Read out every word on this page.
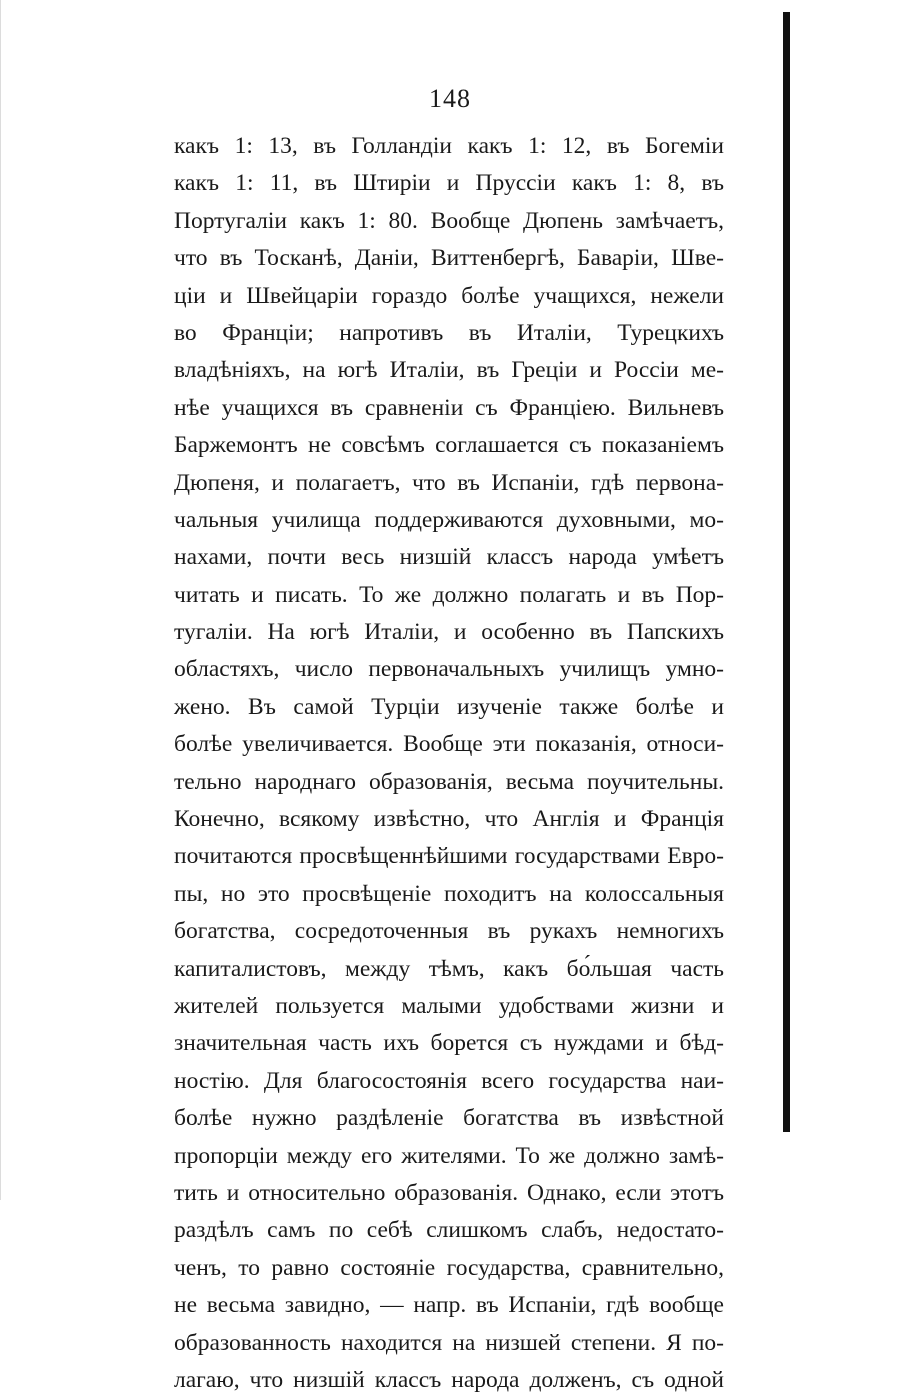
148
какъ 1: 13, въ Голландіи какъ 1: 12, въ Богеміи
какъ 1: 11, въ Штиріи и Пруссіи какъ 1: 8, въ
Португаліи какъ 1: 80. Вообще Дюпень замѣчаетъ,
что въ Тосканѣ, Даніи, Виттенбергѣ, Баваріи, Шве-
ціи и Швейцаріи гораздо болѣе учащихся, нежели
во Франціи; напротивъ въ Италіи, Турецкихъ
владѣніяхъ, на югѣ Италіи, въ Греціи и Россіи ме-
нѣе учащихся въ сравненіи съ Франціею. Вильневъ
Баржемонтъ не совсѣмъ соглашается съ показаніемъ
Дюпеня, и полагаетъ, что въ Испаніи, гдѣ первона-
чальныя училища поддерживаются духовными, мо-
нахами, почти весь низшій классъ народа умѣетъ
читать и писать. То же должно полагать и въ Пор-
тугаліи. На югѣ Италіи, и особенно въ Папскихъ
областяхъ, число первоначальныхъ училищъ умно-
жено. Въ самой Турціи изученіе также болѣе и
болѣе увеличивается. Вообще эти показанія, относи-
тельно народнаго образованія, весьма поучительны.
Конечно, всякому извѣстно, что Англія и Франція
почитаются просвѣщеннѣйшими государствами Евро-
пы, но это просвѣщеніе походитъ на колоссальныя
богатства, сосредоточенныя въ рукахъ немногихъ
капиталистовъ, между тѣмъ, какъ бо́льшая часть
жителей пользуется малыми удобствами жизни и
значительная часть ихъ борется съ нуждами и бѣд-
ностію. Для благосостоянія всего государства наи-
болѣе нужно раздѣленіе богатства въ извѣстной
пропорціи между его жителями. То же должно замѣ-
тить и относительно образованія. Однако, если этотъ
раздѣлъ самъ по себѣ слишкомъ слабъ, недостато-
ченъ, то равно состояніе государства, сравнительно,
не весьма завидно, — напр. въ Испаніи, гдѣ вообще
образованность находится на низшей степени. Я по-
лагаю, что низшій классъ народа долженъ, съ одной
